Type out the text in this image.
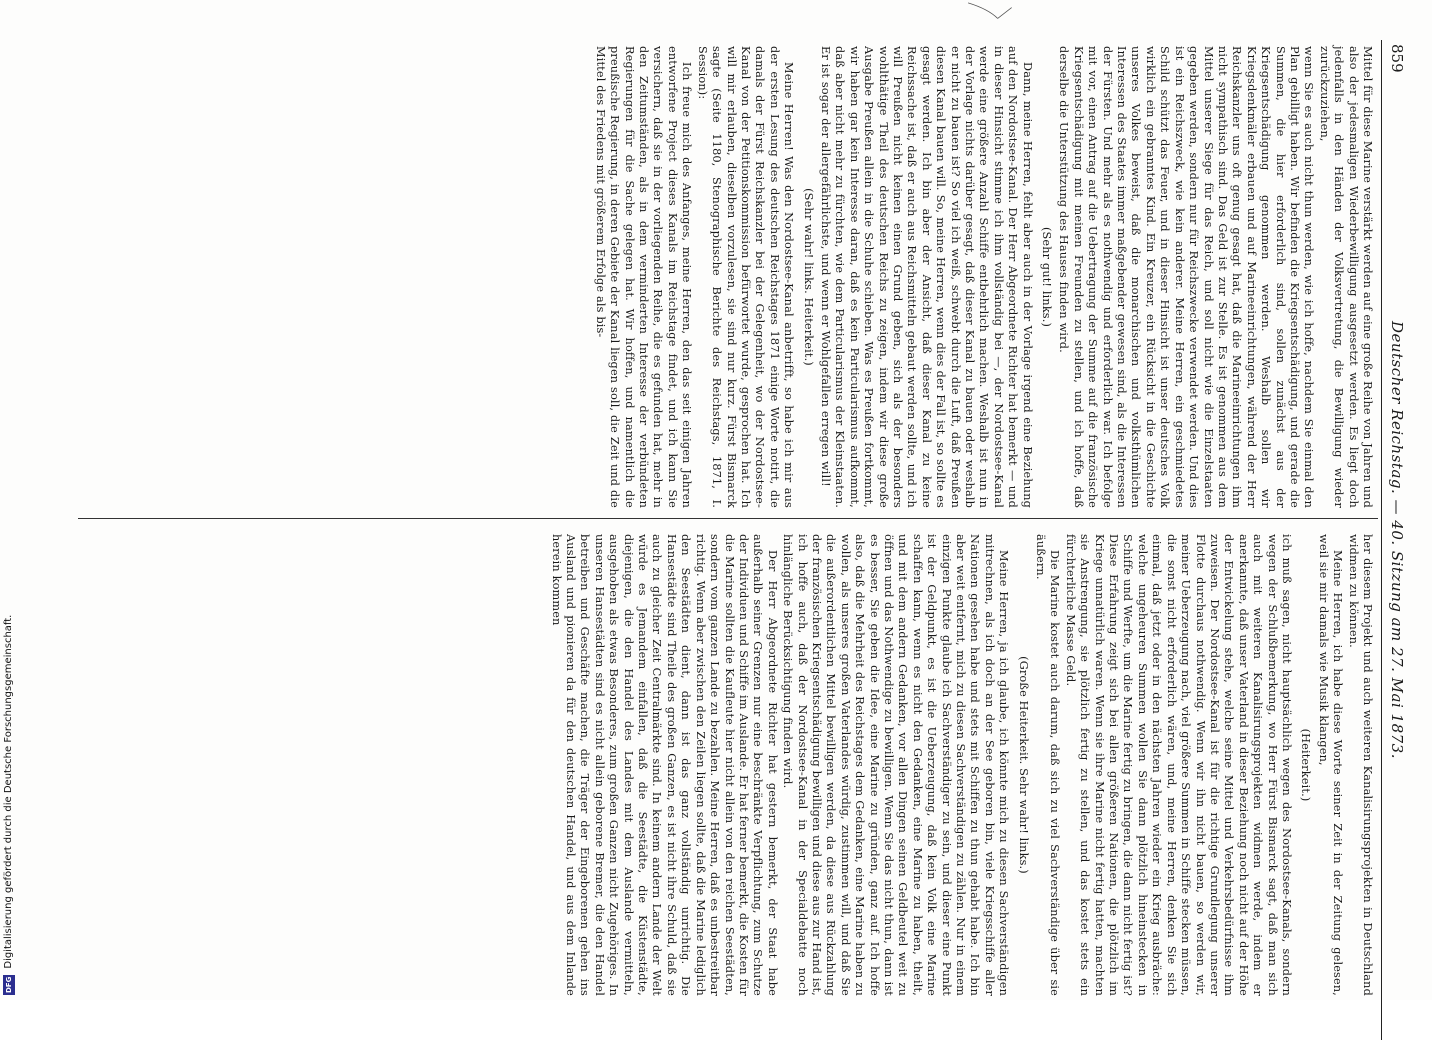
859
Deutscher Reichstag. — 40. Sitzung am 27. Mai 1873.

Mittel für diese Marine verstärkt werden auf eine große Reihe von Jahren und also der jedesmaligen Wiederbewilligung ausgesetzt werden. Es liegt doch jedenfalls in den Händen der Volksvertretung, die Bewilligung wieder zurückzuziehen,

wenn Sie es auch nicht thun werden, wie ich hoffe, nachdem Sie einmal den Plan gebilligt haben. Wir befinden die Kriegsentschädigung, und gerade die Summen, die hier erforderlich sind, sollen zunächst aus der Kriegsentschädigung genommen werden. Weshalb sollen wir Kriegsdenkmäler erbauen und auf Marineeinrichtungen, während der Herr Reichskanzler uns oft genug gesagt hat, daß die Marineeinrichtungen ihm nicht sympathisch sind. Das Geld ist zur Stelle. Es ist genommen aus dem Mittel unserer Siege für das Reich, und soll nicht wie die Einzelstaaten gegeben werden, sondern nur für Reichszwecke verwendet werden. Und dies ist ein Reichszweck, wie kein anderer. Meine Herren, ein geschmiedetes Schild schützt das Feuer, und in dieser Hinsicht ist unser deutsches Volk wirklich ein gebranntes Kind. Ein Kreuzer, ein Rücksicht in die Geschichte unseres Volkes beweist, daß die monarchischen und volksthümlichen Interessen des Staates immer maßgebender gewesen sind, als die Interessen der Fürsten. Und mehr als es nothwendig und erforderlich war. Ich befolge mit vor, einen Antrag auf die Uebertragung der Summe auf die französische Kriegsentschädigung mit meinen Freunden zu stellen, und ich hoffe, daß derselbe die Unterstützung des Hauses finden wird.

(Sehr gut! links.)

Dann, meine Herren, fehlt aber auch in der Vorlage irgend eine Beziehung auf den Nordostsee-Kanal. Der Herr Abgeordnete Richter hat bemerkt — und in dieser Hinsicht stimme ich ihm vollständig bei —, der Nordostsee-Kanal werde eine größere Anzahl Schiffe entbehrlich machen. Weshalb ist nun in der Vorlage nichts darüber gesagt, daß dieser Kanal zu bauen oder weshalb er nicht zu bauen ist? So viel ich weiß, schwebt durch die Luft, daß Preußen diesen Kanal bauen will. So, meine Herren, wenn dies der Fall ist, so sollte es gesagt werden. Ich bin aber der Ansicht, daß dieser Kanal zu keine Reichssache ist, daß er auch aus Reichsmitteln gebaut werden sollte, und ich will Preußen nicht keinen einen Grund geben, sich als der besonders wohlthätige Theil des deutschen Reichs zu zeigen, indem wir diese große Ausgabe Preußen allein in die Schuhe schieben. Was es Preußen fortkommt, wir haben gar kein Interesse daran, daß es kein Particularismus aufkommt, daß aber nicht mehr zu fürchten, wie dem Particularismus der Kleinstaaten. Er ist sogar der allergefährlichste, und wenn er Wohlgefallen erregen will!

(Sehr wahr! links. Heiterkeit.)

Meine Herren! Was den Nordostsee-Kanal anbetrifft, so habe ich mir aus der ersten Lesung des deutschen Reichstages 1871 einige Worte notirt, die damals der Fürst Reichskanzler bei der Gelegenheit, wo der Nordostsee-Kanal von der Petitionskommission befürwortet wurde, gesprochen hat. Ich will mir erlauben, dieselben vorzulesen, sie sind nur kurz. Fürst Bismarck sagte (Seite 1180, Stenographische Berichte des Reichstags, 1871, I. Session):

Ich freue mich des Anfanges, meine Herren, den das seit einigen Jahren entworfene Project dieses Kanals im Reichstage findet, und ich kann Sie versichern, daß sie in der vorliegenden Reihe, die es gefunden hat, mehr in den Zeitumständen, als in dem verminderten Interesse der verbündeten Regierungen für die Sache gelegen hat. Wir hoffen, und namentlich die preußische Regierung, in deren Gebiete der Kanal liegen soll, die Zeit und die Mittel des Friedens mit größerem Erfolge als bis-

her diesem Projekt und auch weiteren Kanalisirungsprojekten in Deutschland widmen zu können.

Meine Herren, ich habe diese Worte seiner Zeit in der Zeitung gelesen, weil sie mir damals wie Musik klangen,

(Heiterkeit.)

ich muß sagen, nicht hauptsächlich wegen des Nordostsee-Kanals, sondern wegen der Schlußbemerkung, wo Herr Fürst Bismarck sagt, daß man sich auch mit weiteren Kanalisirungsprojekten widmen werde, indem er anerkannte, daß unser Vaterland in dieser Beziehung noch nicht auf der Höhe der Entwickelung stehe, welche seine Mittel und Verkehrsbedürfnisse ihm zuweisen. Der Nordostsee-Kanal ist für die richtige Grundlegung unserer Flotte durchaus nothwendig. Wenn wir ihn nicht bauen, so werden wir, meiner Ueberzeugung nach, viel größere Summen in Schiffe stecken müssen, die sonst nicht erforderlich wären, und, meine Herren, denken Sie sich einmal, daß jetzt oder in den nächsten Jahren wieder ein Krieg ausbräche: welche ungeheuren Summen wollen Sie dann plötzlich hineinstecken in Schiffe und Werfte, um die Marine fertig zu bringen, die dann nicht fertig ist? Diese Erfahrung zeigt sich bei allen größeren Nationen, die plötzlich im Kriege unnatürlich waren. Wenn sie ihre Marine nicht fertig hatten, machten sie Anstrengung, sie plötzlich fertig zu stellen, und das kostet stets ein fürchterliche Masse Geld.

Die Marine kostet auch darum, daß sich zu viel Sachverständige über sie äußern.

(Große Heiterkeit. Sehr wahr! links.)

Meine Herren, ja ich glaube, ich könnte mich zu diesen Sachverständigen mitrechnen, als ich doch an der See geboren bin, viele Kriegsschiffe aller Nationen gesehen habe und stets mit Schiffen zu thun gehabt habe. Ich bin aber weit entfernt, mich zu diesen Sachverständigen zu zählen. Nur in einem einzigen Punkte glaube ich Sachverständiger zu sein, und dieser eine Punkt ist der Geldpunkt, es ist die Ueberzeugung, daß kein Volk eine Marine schaffen kann, wenn es nicht den Gedanken, eine Marine zu haben, theilt, und mit dem andern Gedanken, vor allen Dingen seinen Geldbeutel weit zu öffnen und das Nothwendige zu bewilligen. Wenn Sie das nicht thun, dann ist es besser, Sie geben die Idee, eine Marine zu gründen, ganz auf. Ich hoffe also, daß die Mehrheit des Reichstages dem Gedanken, eine Marine haben zu wollen, als unseres großen Vaterlandes würdig, zustimmen will, und daß Sie die außerordentlichen Mittel bewilligen werden, da diese aus Rückzahlung der französischen Kriegsentschädigung bewilligen und diese aus zur Hand ist, ich hoffe auch, daß der Nordostsee-Kanal in der Specialdebatte noch hinlängliche Berücksichtigung finden wird.

Der Herr Abgeordnete Richter hat gestern bemerkt, der Staat habe außerhalb seiner Grenzen nur eine beschränkte Verpflichtung, zum Schutze der Individuen und Schiffe im Auslande. Er hat ferner bemerkt, die Kosten für die Marine sollten die Kaufleute hier nicht allein von den reichen Seestädten, sondern vom ganzen Lande zu bezahlen. Meine Herren, daß es unbestreitbar richtig. Wenn aber zwischen den Zeilen liegen sollte, daß die Marine lediglich den Seestädten dient, dann ist das ganz vollständig unrichtig. Die Hansestädte sind Theile des großen Ganzen, es ist nicht ihre Schuld, daß sie auch zu gleicher Zeit Centralmärkte sind. In keinem andern Lande der Welt würde es Jemandem einfallen, daß die Seestädte, die Küstenstädte, diejenigen, die den Handel des Landes mit dem Auslande vermitteln, ausgehoben als etwas Besonderes, zum großen Ganzen nicht Zugehöriges. In unseren Hansestädten sind es nicht allein geborene Bremer, die den Handel betreiben und Geschäfte machen, die Träger der Eingeborenen gehen ins Ausland und pionieren da für den deutschen Handel, und aus dem Inlande herein kommen

DFGDigitalisierung gefördert durch die Deutsche Forschungsgemeinschaft.
